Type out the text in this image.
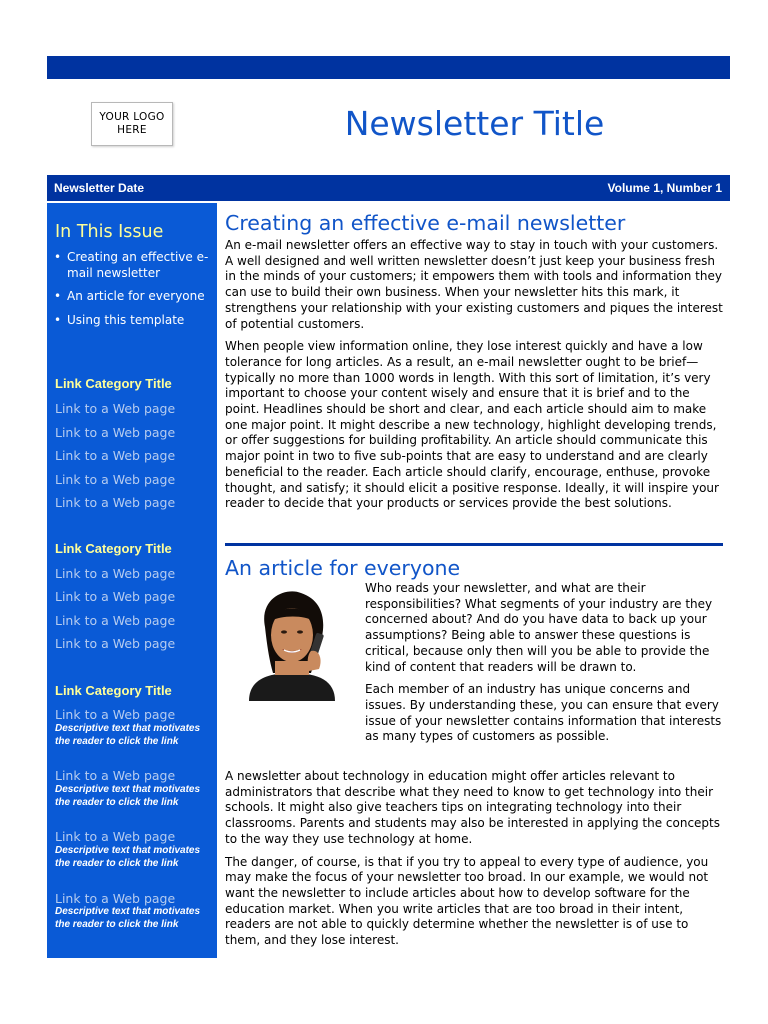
YOUR LOGO
HERE	Newsletter Title
Newsletter Date	Volume 1, Number 1
In This Issue
• Creating an effective e-mail newsletter
• An article for everyone
• Using this template
Link Category Title
Link to a Web page
Link to a Web page
Link to a Web page
Link to a Web page
Link to a Web page
Link Category Title
Link to a Web page
Link to a Web page
Link to a Web page
Link to a Web page
Link Category Title
Link to a Web page
Descriptive text that motivates the reader to click the link
Link to a Web page
Descriptive text that motivates the reader to click the link
Link to a Web page
Descriptive text that motivates the reader to click the link
Link to a Web page
Descriptive text that motivates the reader to click the link
Creating an effective e-mail newsletter

An e-mail newsletter offers an effective way to stay in touch with your customers. A well designed and well written newsletter doesn’t just keep your business fresh in the minds of your customers; it empowers them with tools and information they can use to build their own business. When your newsletter hits this mark, it strengthens your relationship with your existing customers and piques the interest of potential customers.

When people view information online, they lose interest quickly and have a low tolerance for long articles. As a result, an e-mail newsletter ought to be brief—typically no more than 1000 words in length. With this sort of limitation, it’s very important to choose your content wisely and ensure that it is brief and to the point. Headlines should be short and clear, and each article should aim to make one major point. It might describe a new technology, highlight developing trends, or offer suggestions for building profitability. An article should communicate this major point in two to five sub-points that are easy to understand and are clearly beneficial to the reader. Each article should clarify, encourage, enthuse, provoke thought, and satisfy; it should elicit a positive response. Ideally, it will inspire your reader to decide that your products or services provide the best solutions.

An article for everyone

Who reads your newsletter, and what are their responsibilities? What segments of your industry are they concerned about? And do you have data to back up your assumptions? Being able to answer these questions is critical, because only then will you be able to provide the kind of content that readers will be drawn to.

Each member of an industry has unique concerns and issues. By understanding these, you can ensure that every issue of your newsletter contains information that interests as many types of customers as possible.

A newsletter about technology in education might offer articles relevant to administrators that describe what they need to know to get technology into their schools. It might also give teachers tips on integrating technology into their classrooms. Parents and students may also be interested in applying the concepts to the way they use technology at home.

The danger, of course, is that if you try to appeal to every type of audience, you may make the focus of your newsletter too broad. In our example, we would not want the newsletter to include articles about how to develop software for the education market. When you write articles that are too broad in their intent, readers are not able to quickly determine whether the newsletter is of use to them, and they lose interest.
